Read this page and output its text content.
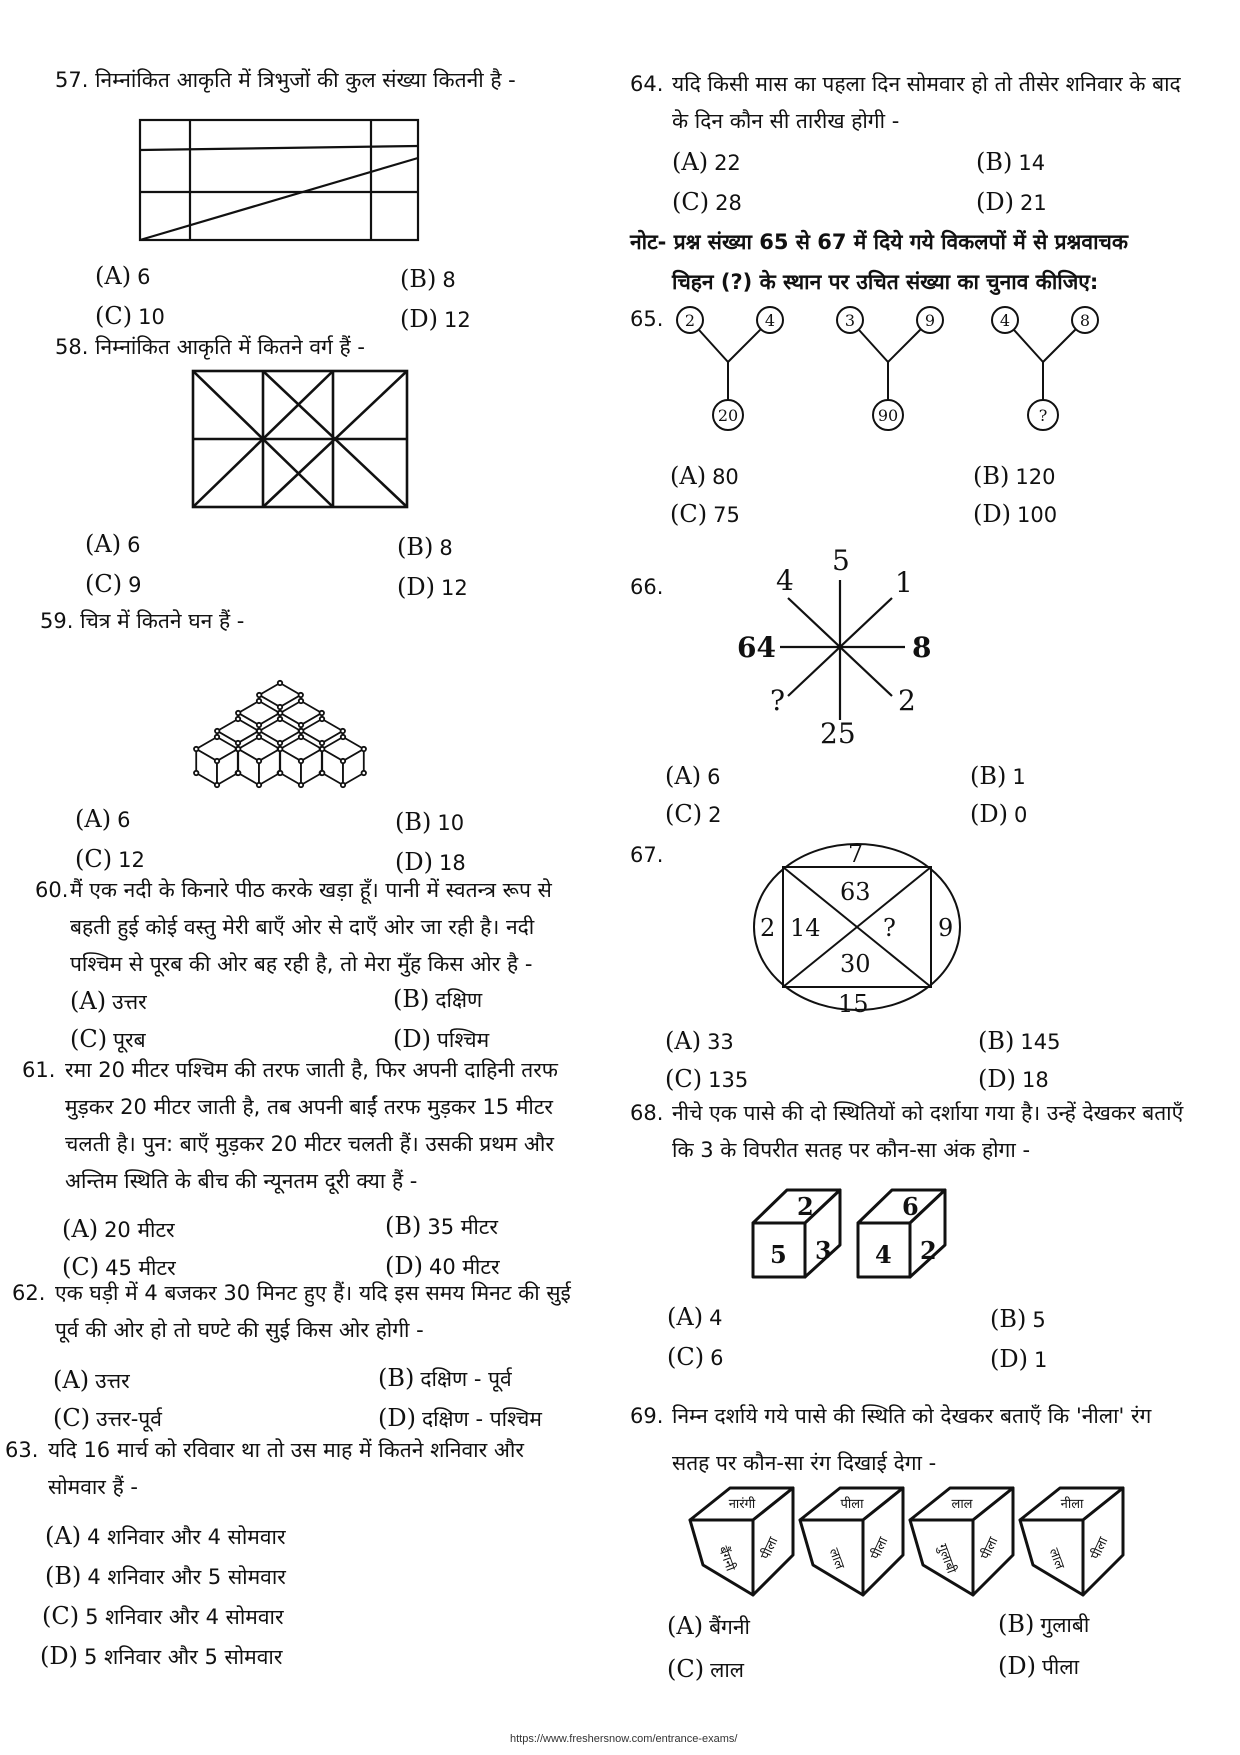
57. निम्नांकित आकृति में त्रिभुजों की कुल संख्या कितनी है -
58. निम्नांकित आकृति में कितने वर्ग हैं -
59. चित्र में कितने घन हैं -
60. मैं एक नदी के किनारे पीठ करके खड़ा हूँ। पानी में स्वतन्त्र रूप से
बहती हुई कोई वस्तु मेरी बाएँ ओर से दाएँ ओर जा रही है। नदी
पश्चिम से पूरब की ओर बह रही है, तो मेरा मुँह किस ओर है -
61. रमा 20 मीटर पश्चिम की तरफ जाती है, फिर अपनी दाहिनी तरफ
मुड़कर 20 मीटर जाती है, तब अपनी बाईं तरफ मुड़कर 15 मीटर
चलती है। पुन: बाएँ मुड़कर 20 मीटर चलती हैं। उसकी प्रथम और
अन्तिम स्थिति के बीच की न्यूनतम दूरी क्या हैं -
62. एक घड़ी में 4 बजकर 30 मिनट हुए हैं। यदि इस समय मिनट की सुई
पूर्व की ओर हो तो घण्टे की सुई किस ओर होगी -
63. यदि 16 मार्च को रविवार था तो उस माह में कितने शनिवार और
सोमवार हैं -
64. यदि किसी मास का पहला दिन सोमवार हो तो तीसेर शनिवार के बाद
के दिन कौन सी तारीख होगी -
नोट- प्रश्न संख्या 65 से 67 में दिये गये विकलपों में से प्रश्नवाचक
चिहन (?) के स्थान पर उचित संख्या का चुनाव कीजिए:
65. 2	4
20
3	9
90
4	8
?
66.
5
1
8
2
25
?
64
4
67.	7
2	9
15
63
14	?
30
68. नीचे एक पासे की दो स्थितियों को दर्शाया गया है। उन्हें देखकर बताएँ
कि 3 के विपरीत सतह पर कौन-सा अंक होगा -
2
5 3
6
4 2
69. निम्न दर्शाये गये पासे की स्थिति को देखकर बताएँ कि 'नीला' रंग
सतह पर कौन-सा रंग दिखाई देगा -
नारंगी
बैंगनी पीला
पीला
लाल पीला
लाल
गुलाबी पीला
नीला
लाल पीला
(A) 6	(B) 8
(C) 10	(D) 12
(A) 6	(B) 8
(C) 9	(D) 12
(A) 6	(B) 10
(C) 12	(D) 18
(A) उत्तर	(B) दक्षिण
(C) पूरब	(D) पश्चिम
(A) 20 मीटर	(B) 35 मीटर
(C) 45 मीटर	(D) 40 मीटर
(A) उत्तर	(B) दक्षिण - पूर्व
(C) उत्तर-पूर्व	(D) दक्षिण - पश्चिम
(A) 4 शनिवार और 4 सोमवार
(B) 4 शनिवार और 5 सोमवार
(C) 5 शनिवार और 4 सोमवार
(D) 5 शनिवार और 5 सोमवार
(A) 22	(B) 14
(C) 28	(D) 21
(A) 80	(B) 120
(C) 75	(D) 100
(A) 6	(B) 1
(C) 2	(D) 0
(A) 33	(B) 145
(C) 135	(D) 18
(A) 4	(B) 5
(C) 6	(D) 1
(A) बैंगनी	(B) गुलाबी
(C) लाल	(D) पीला
https://www.freshersnow.com/entrance-exams/
